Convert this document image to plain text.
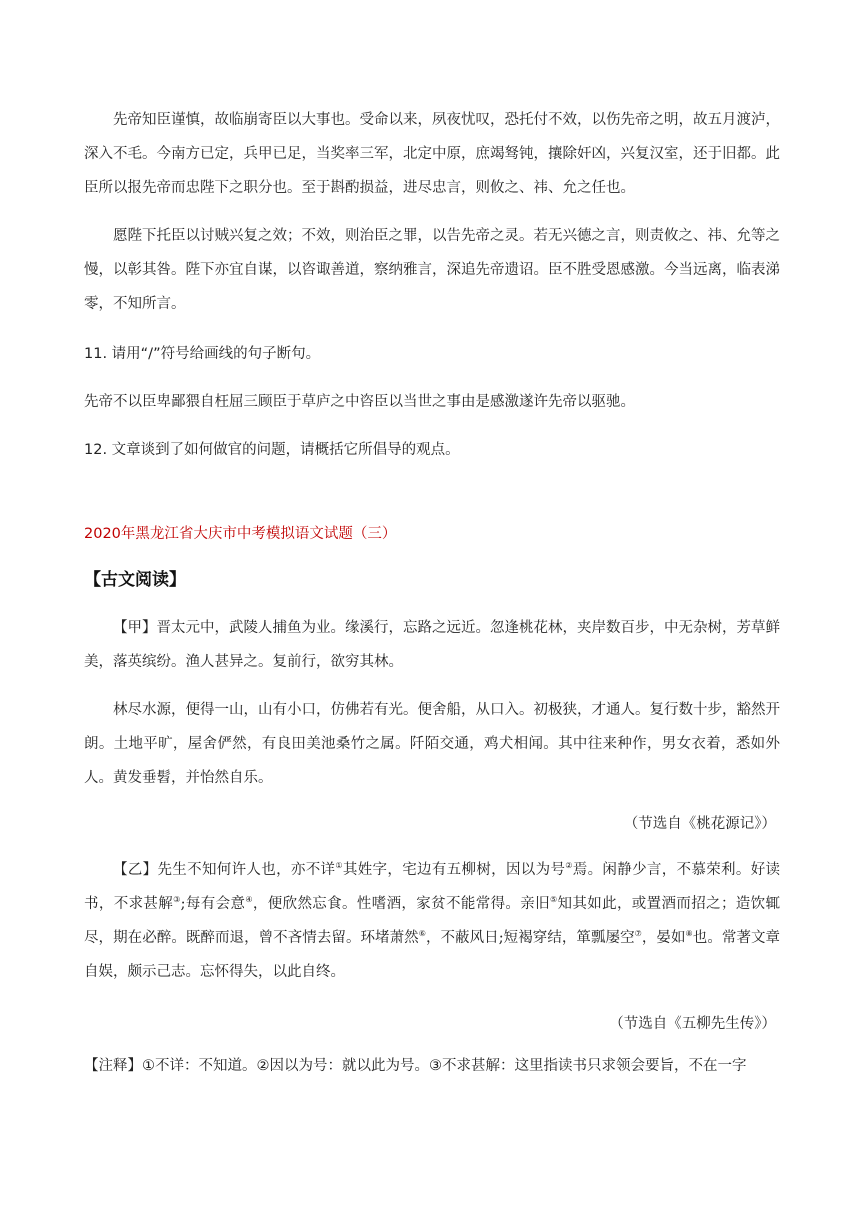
先帝知臣谨慎，故临崩寄臣以大事也。受命以来，夙夜忧叹，恐托付不效，以伤先帝之明，故五月渡泸，深入不毛。今南方已定，兵甲已足，当奖率三军，北定中原，庶竭驽钝，攘除奸凶，兴复汉室，还于旧都。此臣所以报先帝而忠陛下之职分也。至于斟酌损益，进尽忠言，则攸之、祎、允之任也。

愿陛下托臣以讨贼兴复之效；不效，则治臣之罪，以告先帝之灵。若无兴德之言，则责攸之、祎、允等之慢，以彰其咎。陛下亦宜自谋，以咨诹善道，察纳雅言，深追先帝遗诏。臣不胜受恩感激。今当远离，临表涕零，不知所言。

11. 请用“/”符号给画线的句子断句。

先帝不以臣卑鄙猥自枉屈三顾臣于草庐之中咨臣以当世之事由是感激遂许先帝以驱驰。

12. 文章谈到了如何做官的问题，请概括它所倡导的观点。

2020年黑龙江省大庆市中考模拟语文试题（三）

【古文阅读】

【甲】晋太元中，武陵人捕鱼为业。缘溪行，忘路之远近。忽逢桃花林，夹岸数百步，中无杂树，芳草鲜美，落英缤纷。渔人甚异之。复前行，欲穷其林。

林尽水源，便得一山，山有小口，仿佛若有光。便舍船，从口入。初极狭，才通人。复行数十步，豁然开朗。土地平旷，屋舍俨然，有良田美池桑竹之属。阡陌交通，鸡犬相闻。其中往来种作，男女衣着，悉如外人。黄发垂髫，并怡然自乐。

（节选自《桃花源记》）

【乙】先生不知何许人也，亦不详①其姓字，宅边有五柳树，因以为号②焉。闲静少言，不慕荣利。好读书，不求甚解③;每有会意④，便欣然忘食。性嗜酒，家贫不能常得。亲旧⑤知其如此，或置酒而招之；造饮辄尽，期在必醉。既醉而退，曾不吝情去留。环堵萧然⑥，不蔽风日;短褐穿结，箪瓢屡空⑦，晏如⑧也。常著文章自娱，颇示己志。忘怀得失，以此自终。

（节选自《五柳先生传》）

【注释】①不详：不知道。②因以为号：就以此为号。③不求甚解：这里指读书只求领会要旨，不在一字
